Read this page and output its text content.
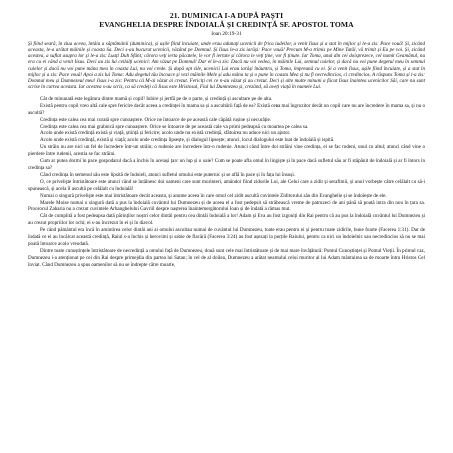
21. DUMINICA I-A DUPĂ PAȘTI
EVANGHELIA DESPRE ÎNDOIALĂ ȘI CREDINȚĂ SF. APOSTOL TOMA
Ioan 20:19-31

Și fiind seară, în ziua aceea, întâia a săptămânii (duminica), și ușile fiind încuiate, unde erau adunați ucenicii de frica iudeilor, a venit Iisus și a stat în mijloc și le-a zis: Pace vouă! Și, zicând aceasta, le-a arătat mâinile și coasta Sa. Deci s-au bucurat ucenicii, văzând pe Domnul. Și Iisus le-a zis iarăși: Pace vouă! Precum M-a trimis pe Mine Tatăl, vă trimit și Eu pe voi. Și, zicând acestea, a suflat asupra lor și le-a zis: Luați Duh Sfânt; cărora veți ierta păcatele, le vor fi iertate și cărora le veți ține, vor fi ținute. Iar Toma, unul din cei doisprezece, cel numit Geamănul, nu era cu ei când a venit Iisus. Deci au zis lui ceilalți ucenici: Am văzut pe Domnul! Dar el le-a zis: Dacă nu voi vedea, în mâinile Lui, semnul cuielor, și dacă nu voi pune degetul meu în semnul cuielor și dacă nu voi pune mâna mea în coasta Lui, nu voi crede. Și după opt zile, ucenicii Lui erau iarăși înăuntru, și Toma, împreună cu ei. Și a venit Iisus, ușile fiind încuiate, și a stat în mijloc și a zis: Pace vouă! Apoi a zis lui Toma: Adu degetul tău încoace și vezi mâinile Mele și adu mâna ta și o pune în coasta Mea și nu fi necredincios, ci credincios. A răspuns Toma și i-a zis: Domnul meu și Dumnezeul meu! Iisus i-a zis: Pentru că M-ai văzut ai crezut. Fericiți cei ce n-au văzut și au crezut. Deci și alte multe minuni a făcut Iisus înaintea ucenicilor Săi, care nu sunt scrise în cartea aceasta. Iar acestea s-au scris, ca să credeți că Iisus este Hristosul, Fiul lui Dumnezeu și, crezând, să aveți viață în numele Lui.

Cât de minunată este legătura dintre mamă și copil! Iubire și jertfă pe de o parte, și credință și ascultare pe de alta.

Există pentru copil vreo altă cale spre fericire decât aceea a credinței în mama sa și a ascultării față de ea? Există cева mai îngrozitor decât un copil care nu are încredere în mama sa, și nu o ascultă?

Credința este calea cea mai curată spre cunoaștere. Orice ne întoarce de pe această cale căpătă rușine și necurăție.

Credința este calea cea mai grabnică spre cunoaștere. Orice se întoarce de pe această cale va primi pedeapsă cu moartea pe calea sa.

Acolo unde există credință există și viață, știință și fericire; acolo unde nu există credință, sfâtuirea nu aduce nici un ajutor.

Acolo unde există credință, există și viață; acolo unde credința lipsește, și dialogul lipsește; atunci, locul dialogului este luat de îndoială și ispită.

Un străin nu are nici un fel de încredere într-un străin; o rudenie are încredere într-o rudenie. Atunci când între doi străini vine credința, ei se fac rudeni, unul cu altul; atunci când vine o pierdere între rudenii, acestia se fac străini.

Cum ar putea dormi în pace gospodarul dacă a închis în aceiași țarc un lup și o oaie? Cum se poate afla omul în lingiște și în pace dacă sufletul său ar fi stăpânit de îndoială și ar fi întors în credința sa?

Când credința în semenul său este lipsită de îndoieli, atunci sufletul omului este puternic și se află în pace și în fața lui însuși.

O, ce privelişte întristătoare este atunci când se întâlnesc doi oameni care sunt morinteri, amândoi fiind zidurile Lui, ale Celui care a zidit și serafimii, și unul vorbește către celălalt cu să-i spunească, și acela îl ascultă pe celălalt cu îndoială!

Numai o singură privelişte este mai întristătoare decât aceasta, și anume aceea în care omul cel zidit ascultă cuvintele Ziditorului său din Evanghelie și se îndoiește de ele.

Marele Moise numai o singură dată a pus la îndoială cuvântul lui Dumnezeu și de aceea el a fost pedepsit să străbească vreme de patruzeci de ani până să poată intra din nou în țara sa. Proorocul Zaharia nu a crezut cuvintele Arhanghelului Gavriil despre nașterea înaintemergătorului Ioan și de îndată a rămas mut.

Cât de cumplită a fost pedeapsa dată părinților noștri celor dintâi pentru cea dintâi îndoială a lor! Adam și Eva au fost izgoniți din Rai pentru că au pus la îndoială cuvântul lui Dumnezeu și au crezut propriilor lor ochi; ei s-au încrezut în ei și în diavol.

Pe când pământul era încă în amintirea celor dintâi ani ai omului ascultau numai de cuvântul lui Dumnezeu, toate erau pentru ei și pentru toate zidirile, bune foarte (Facerea 1:31). Dar de îndată ce ei au încălcat această credință, Raiul s-a închis și herovimi și sabie de flacără (Facerea 3:24) au fost așezați la porțile Raiului, pentru ca nici un îndoielnic sau necredincios să nu se mai poată întoarce acolo vreodată.

Dintre toate cunoștințele întristătoare de necredință a omului față de Dumnezeu, două sunt cele mai întristătoare și de mai mare învățătură: Pomul Cunoștinței și Pomul Vieții. În primul caz, Dumnezeu i-a atenționat pe cei din Rai despre primejdia din partea lui Satan; în cel de al doilea, Dumnezeu a arătat neamului celui muritor al lui Adam mântuirea sa de moarte întru Hristos Cel înviat. Când Dumnezeu a spus oamenilor să nu se îndrepte către moarte,
